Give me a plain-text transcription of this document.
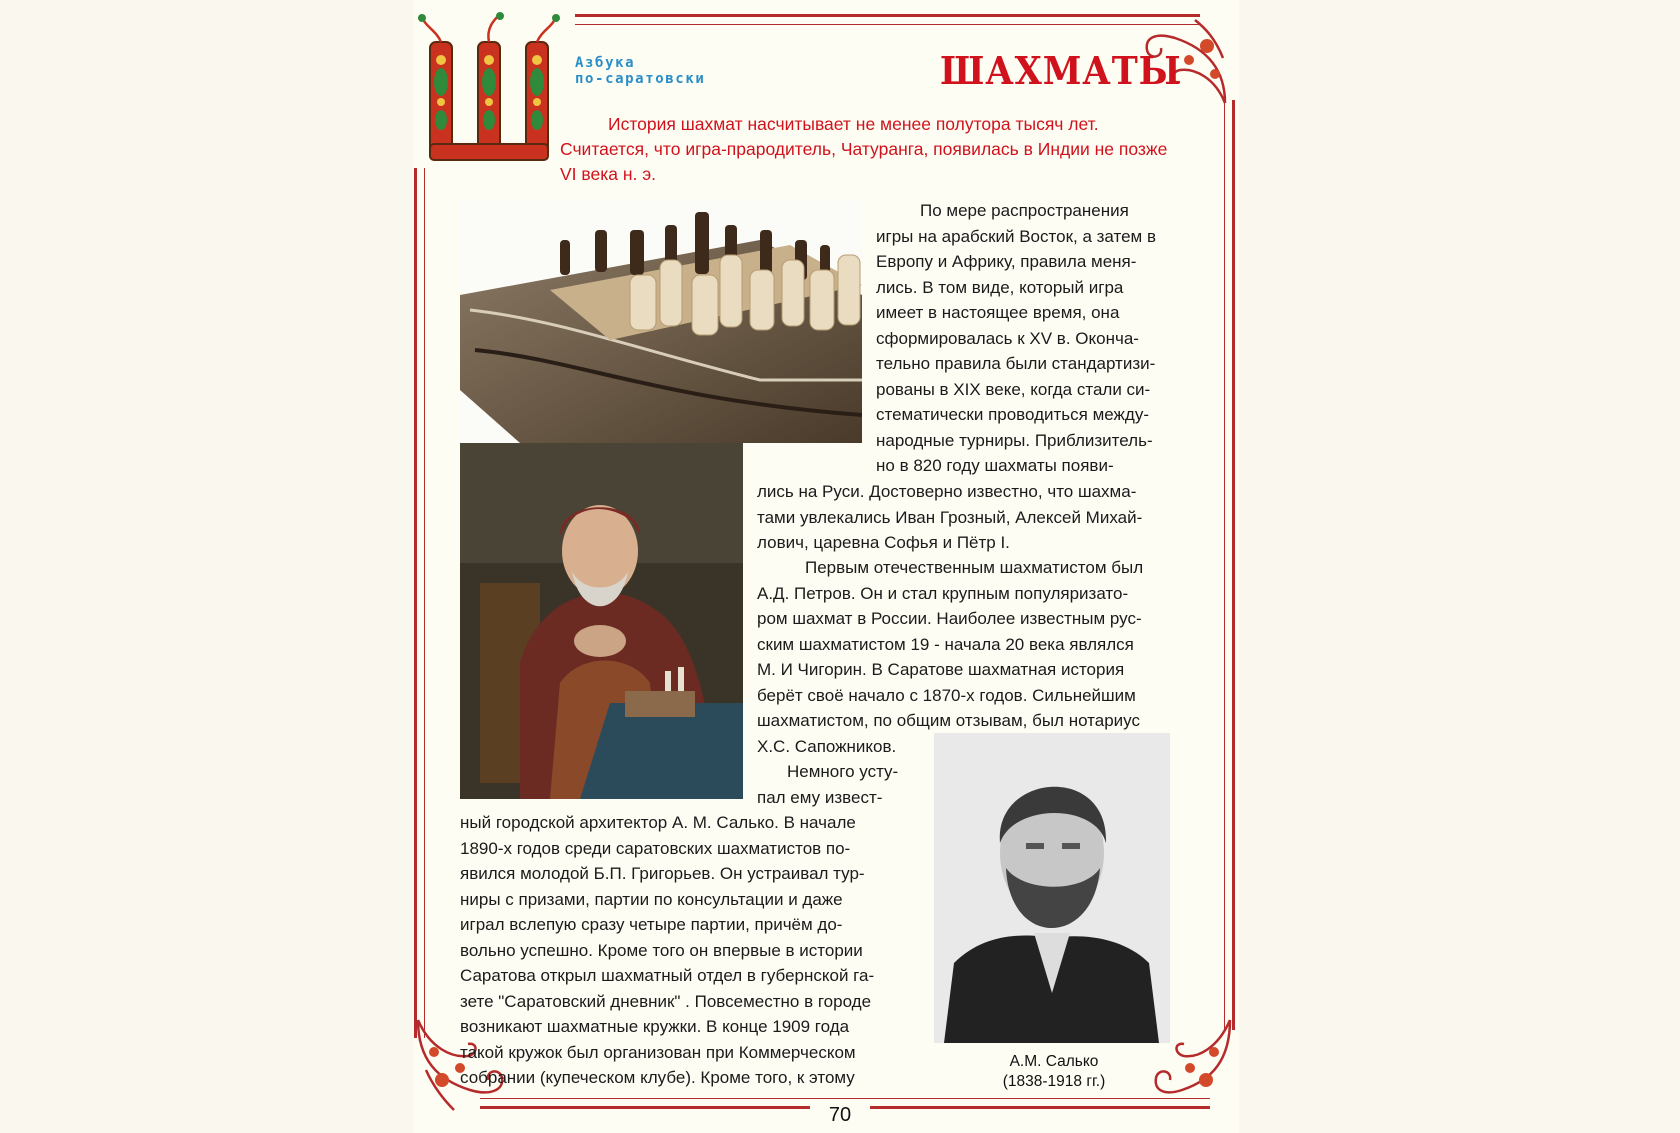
Азбука
по-саратовски	ШАХМАТЫ
История шахмат насчитывает не менее полутора тысяч лет. Считается, что игра-прародитель, Чатуранга, появилась в Индии не позже VI века н. э.
По мере распространения
игры на арабский Восток, а затем в
Европу и Африку, правила меня-
лись. В том виде, который игра
имеет в настоящее время, она
сформировалась к XV в. Оконча-
тельно правила были стандартизи-
рованы в XIX веке, когда стали си-
стематически проводиться между-
народные турниры. Приблизитель-
но в 820 году шахматы появи-
лись на Руси. Достоверно известно, что шахма-
тами увлекались Иван Грозный, Алексей Михай-
лович, царевна Софья и Пётр I.
Первым отечественным шахматистом был
А.Д. Петров. Он и стал крупным популяризато-
ром шахмат в России. Наиболее известным рус-
ским шахматистом 19 - начала 20 века являлся
М. И Чигорин. В Саратове шахматная история
берёт своё начало с 1870-х годов. Сильнейшим
шахматистом, по общим отзывам, был нотариус
Х.С. Сапожников.
Немного усту-
пал ему извест-
ный городской архитектор А. М. Салько. В начале
1890-х годов среди саратовских шахматистов по-
явился молодой Б.П. Григорьев. Он устраивал тур-
ниры с призами, партии по консультации и даже
играл вслепую сразу четыре партии, причём до-
вольно успешно. Кроме того он впервые в истории
Саратова открыл шахматный отдел в губернской га-
зете "Саратовский дневник" . Повсеместно в городе
возникают шахматные кружки. В конце 1909 года
такой кружок был организован при Коммерческом
собрании (купеческом клубе). Кроме того, к этому
А.М. Салько
(1838-1918 гг.)
70
